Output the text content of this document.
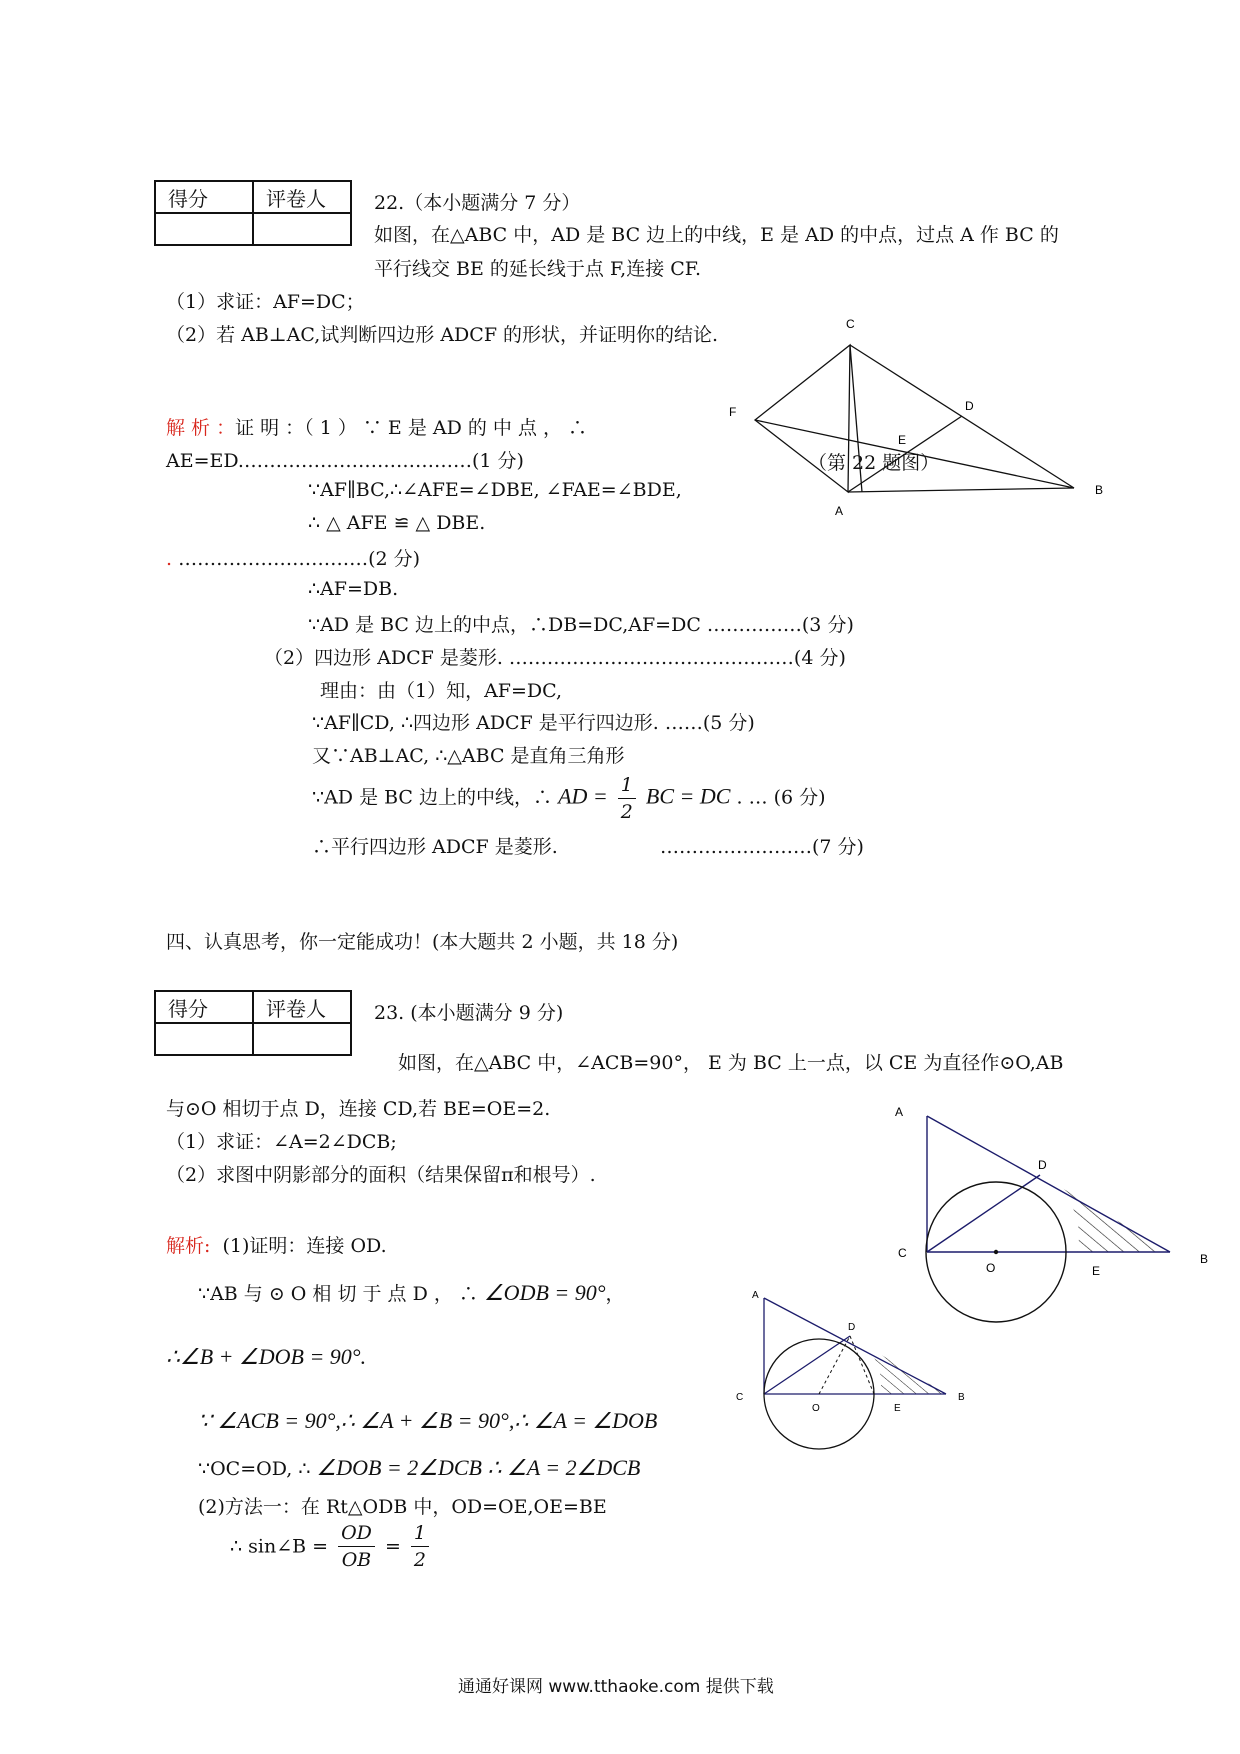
得分	评卷人
		22.（本小题满分 7 分）
如图，在△ABC 中，AD 是 BC 边上的中线，E 是 AD 的中点，过点 A 作 BC 的
平行线交 BE 的延长线于点 F,连接 CF.
（1）求证：AF=DC；
（2）若 AB⊥AC,试判断四边形 ADCF 的形状，并证明你的结论.	C
F	D
E
A
B
（第 22 题图）
解 析 ：证 明 ：（ 1 ） ∵ E 是 AD 的 中 点 ， ∴
AE=ED.………………………………(1 分)
∵AF∥BC,∴∠AFE=∠DBE, ∠FAE=∠BDE,
∴ △ AFE ≌ △ DBE.
. …………………………(2 分)
∴AF=DB.
∵AD 是 BC 边上的中点，∴DB=DC,AF=DC ……………(3 分)
（2）四边形 ADCF 是菱形. ………………………………………(4 分)
理由：由（1）知，AF=DC,
∵AF∥CD, ∴四边形 ADCF 是平行四边形. ……(5 分)
又∵AB⊥AC, ∴△ABC 是直角三角形
∵AD 是 BC 边上的中线，∴ AD = $\frac{1}{2}$ BC = DC . … (6 分)
∴平行四边形 ADCF 是菱形.	……………………(7 分)
四、认真思考，你一定能成功！(本大题共 2 小题，共 18 分)
得分	评卷人
		23. (本小题满分 9 分)
如图，在△ABC 中，∠ACB=90°， E 为 BC 上一点，以 CE 为直径作⊙O,AB
与⊙O 相切于点 D，连接 CD,若 BE=OE=2.
（1）求证：∠A=2∠DCB;
（2）求图中阴影部分的面积（结果保留π和根号）.
A
D
C
O	E
B
解析: (1)证明：连接 OD.
∵AB 与 ⊙ O 相 切 于 点 D ， ∴ ∠ODB = 90°，
∴∠B + ∠DOB = 90°.
A
D
C
O	E
B
∵ ∠ACB = 90°,∴ ∠A + ∠B = 90°,∴ ∠A = ∠DOB
∵OC=OD, ∴ ∠DOB = 2∠DCB ∴ ∠A = 2∠DCB
(2)方法一：在 Rt△ODB 中，OD=OE,OE=BE
∴ sin∠B = $\frac{OD}{OB} = \frac{1}{2}$
通通好课网 www.tthaoke.com 提供下载
